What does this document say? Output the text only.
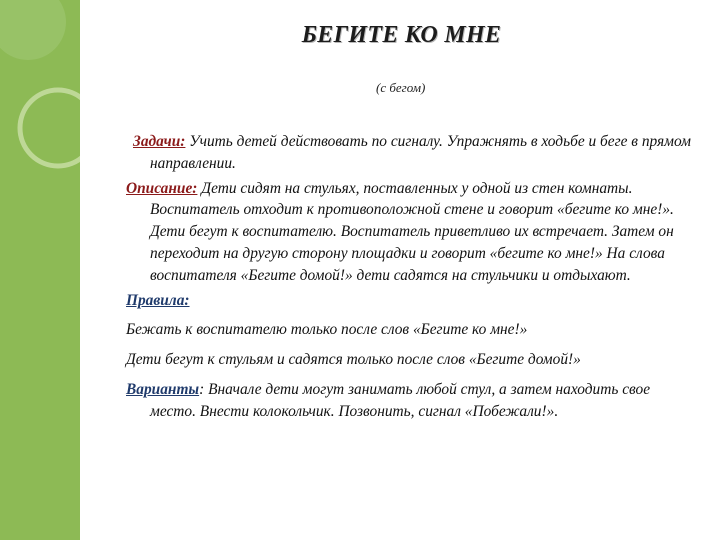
БЕГИТЕ КО МНЕ
(с бегом)

Задачи: Учить детей действовать по сигналу. Упражнять в ходьбе и беге в прямом направлении.

Описание: Дети сидят на стульях, поставленных у одной из стен комнаты. Воспитатель отходит к противоположной стене и говорит «бегите ко мне!». Дети бегут к воспитателю. Воспитатель приветливо их встречает. Затем он переходит на другую сторону площадки и говорит «бегите ко мне!» На слова воспитателя «Бегите домой!» дети садятся на стульчики и отдыхают.

Правила:

Бежать к воспитателю только после слов «Бегите ко мне!»

Дети бегут к стульям и садятся только после слов «Бегите домой!»

Варианты: Вначале дети могут занимать любой стул, а затем находить свое место. Внести колокольчик. Позвонить, сигнал «Побежали!».
